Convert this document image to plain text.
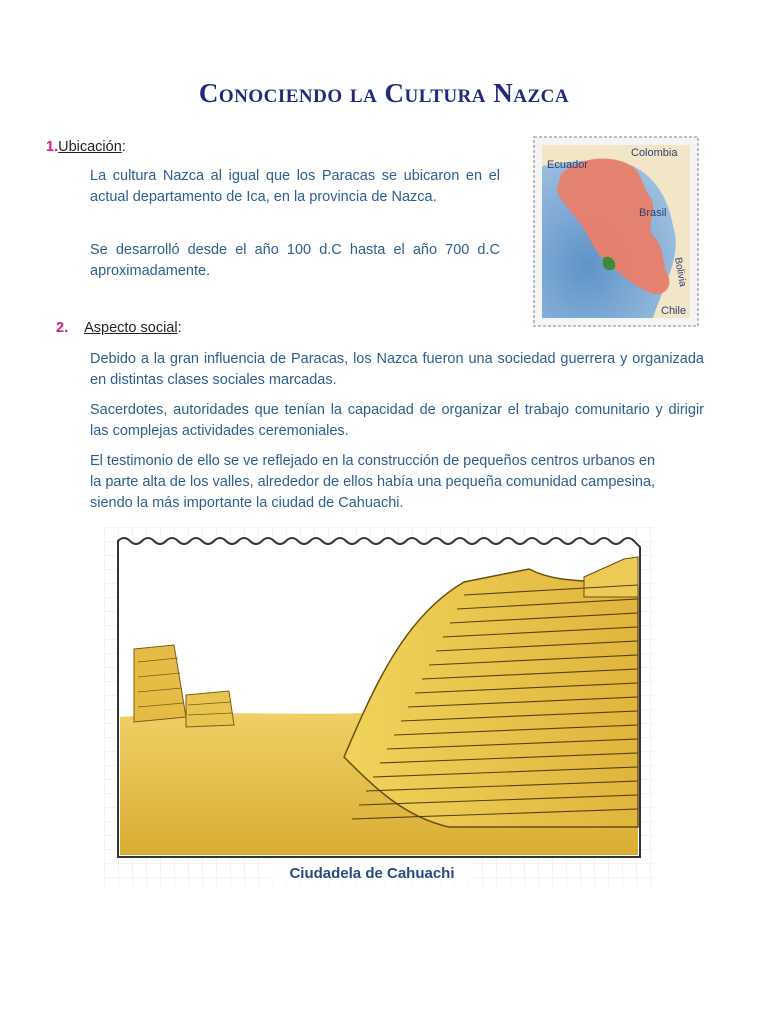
Conociendo la Cultura Nazca
1.Ubicación:

La cultura Nazca al igual que los Paracas se ubicaron en el actual departamento de Ica, en la provincia de Nazca.

Se desarrolló desde el año 100 d.C hasta el año 700 d.C aproximadamente.

Colombia
Ecuador
Brasil
Bolivia
Chile
2. Aspecto social:

Debido a la gran influencia de Paracas, los Nazca fueron una sociedad guerrera y organizada en distintas clases sociales marcadas.

Sacerdotes, autoridades que tenían la capacidad de organizar el trabajo comunitario y dirigir las complejas actividades ceremoniales.

El testimonio de ello se ve reflejado en la construcción de pequeños centros urbanos en la parte alta de los valles, alrededor de ellos había una pequeña comunidad campesina, siendo la más importante la ciudad de Cahuachi.

Ciudadela de Cahuachi
